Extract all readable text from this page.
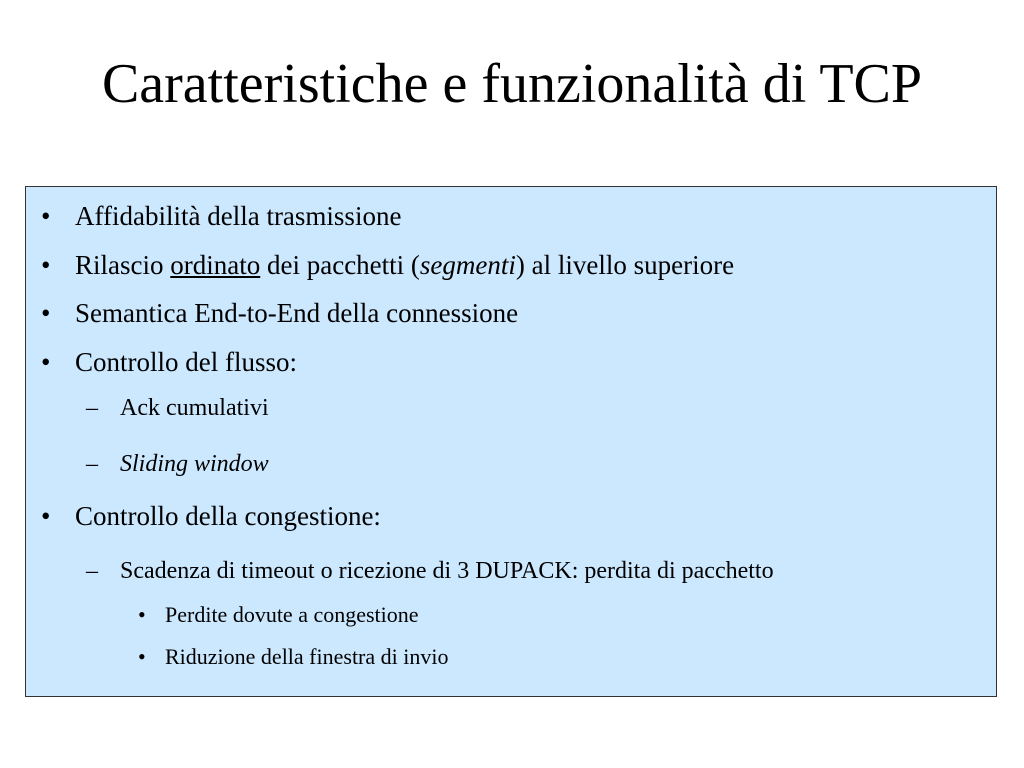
Caratteristiche e funzionalità di TCP
• Affidabilità della trasmissione
• Rilascio ordinato dei pacchetti (segmenti) al livello superiore
• Semantica End-to-End della connessione
• Controllo del flusso:
– Ack cumulativi
– Sliding window
• Controllo della congestione:
– Scadenza di timeout o ricezione di 3 DUPACK: perdita di pacchetto
• Perdite dovute a congestione
• Riduzione della finestra di invio
